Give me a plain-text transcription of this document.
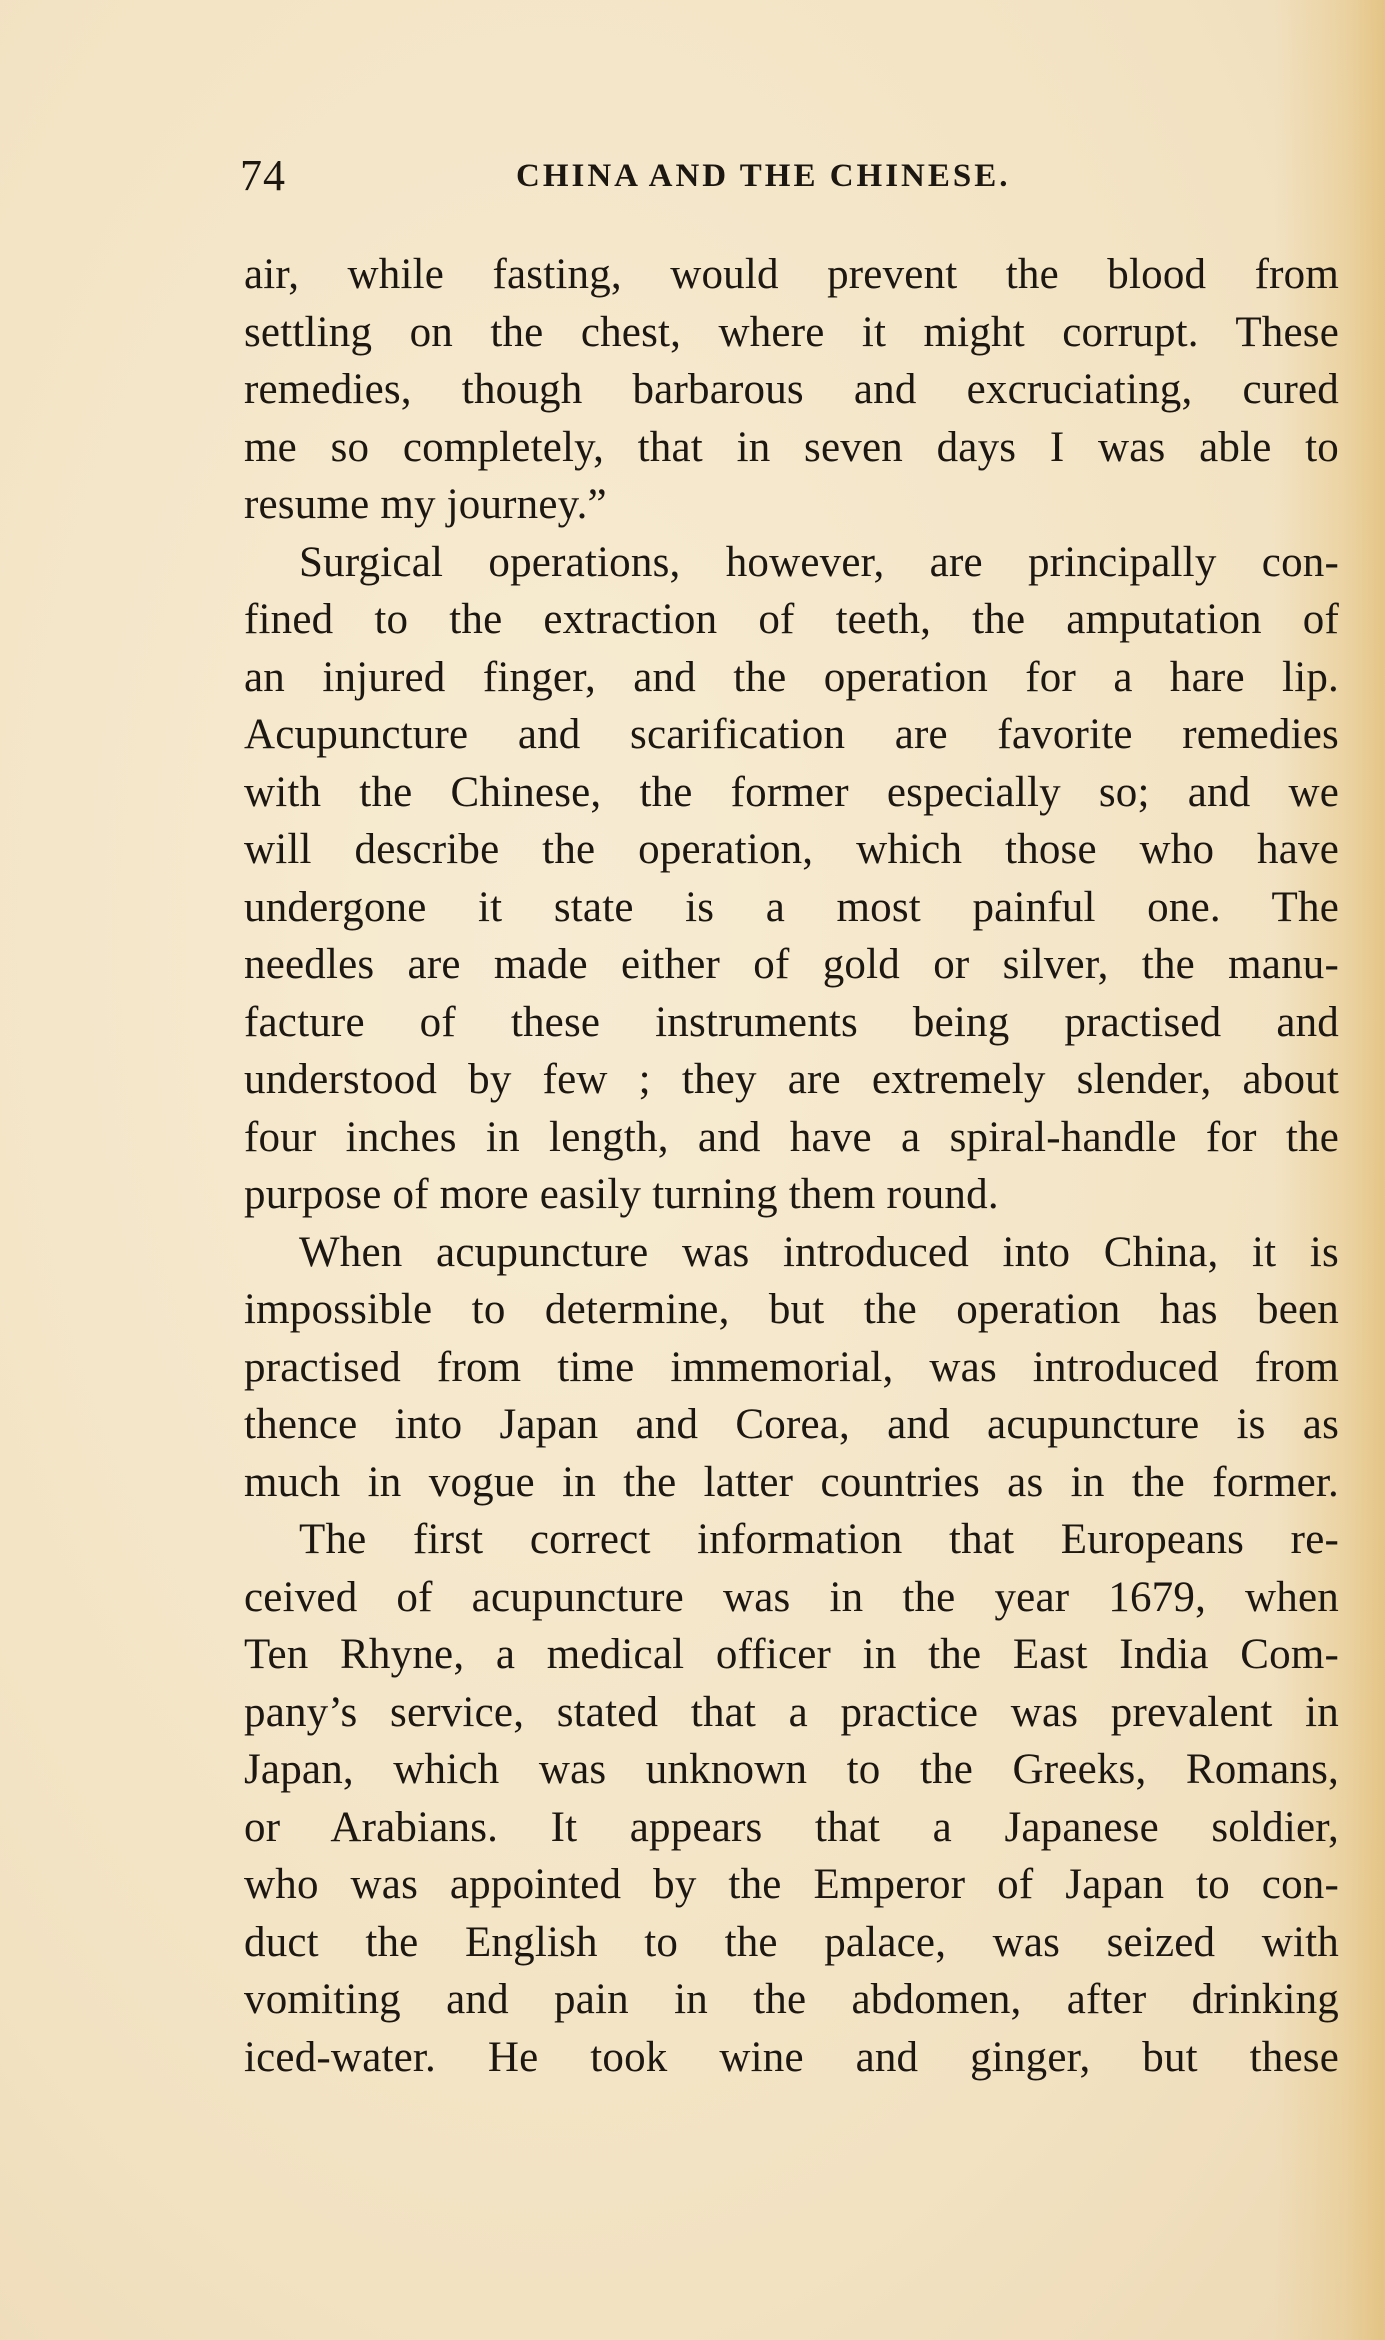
74	CHINA AND THE CHINESE.
air, while fasting, would prevent the blood from
settling on the chest, where it might corrupt. These
remedies, though barbarous and excruciating, cured
me so completely, that in seven days I was able to
resume my journey.”
Surgical operations, however, are principally con-
fined to the extraction of teeth, the amputation of
an injured finger, and the operation for a hare lip.
Acupuncture and scarification are favorite remedies
with the Chinese, the former especially so; and we
will describe the operation, which those who have
undergone it state is a most painful one. The
needles are made either of gold or silver, the manu-
facture of these instruments being practised and
understood by few ; they are extremely slender, about
four inches in length, and have a spiral-handle for the
purpose of more easily turning them round.
When acupuncture was introduced into China, it is
impossible to determine, but the operation has been
practised from time immemorial, was introduced from
thence into Japan and Corea, and acupuncture is as
much in vogue in the latter countries as in the former.
The first correct information that Europeans re-
ceived of acupuncture was in the year 1679, when
Ten Rhyne, a medical officer in the East India Com-
pany’s service, stated that a practice was prevalent in
Japan, which was unknown to the Greeks, Romans,
or Arabians. It appears that a Japanese soldier,
who was appointed by the Emperor of Japan to con-
duct the English to the palace, was seized with
vomiting and pain in the abdomen, after drinking
iced-water. He took wine and ginger, but these
